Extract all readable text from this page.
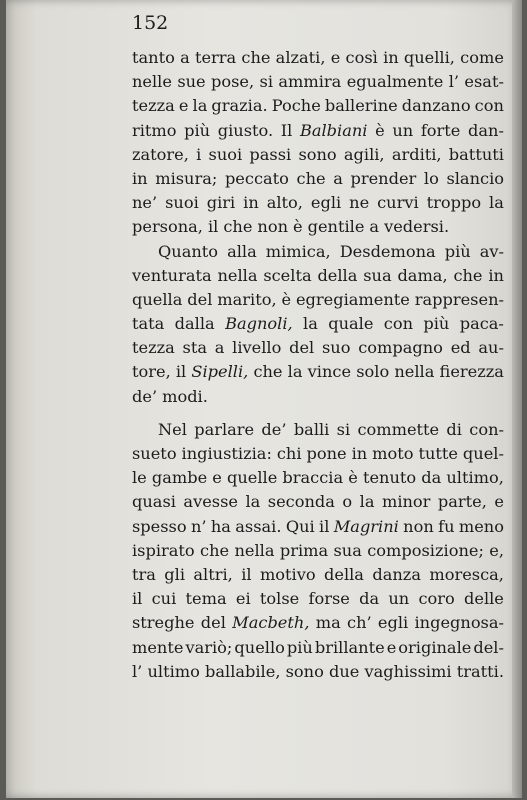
152
tanto a terra che alzati, e così in quelli, come
nelle sue pose, si ammira egualmente l’ esat-
tezza e la grazia. Poche ballerine danzano con
ritmo più giusto. Il Balbiani è un forte dan-
zatore, i suoi passi sono agili, arditi, battuti
in misura; peccato che a prender lo slancio
ne’ suoi giri in alto, egli ne curvi troppo la
persona, il che non è gentile a vedersi.
Quanto alla mimica, Desdemona più av-
venturata nella scelta della sua dama, che in
quella del marito, è egregiamente rappresen-
tata dalla Bagnoli, la quale con più paca-
tezza sta a livello del suo compagno ed au-
tore, il Sipelli, che la vince solo nella fierezza
de’ modi.
Nel parlare de’ balli si commette di con-
sueto ingiustizia: chi pone in moto tutte quel-
le gambe e quelle braccia è tenuto da ultimo,
quasi avesse la seconda o la minor parte, e
spesso n’ ha assai. Qui il Magrini non fu meno
ispirato che nella prima sua composizione; e,
tra gli altri, il motivo della danza moresca,
il cui tema ei tolse forse da un coro delle
streghe del Macbeth, ma ch’ egli ingegnosa-
mente variò; quello più brillante e originale del-
l’ ultimo ballabile, sono due vaghissimi tratti.
